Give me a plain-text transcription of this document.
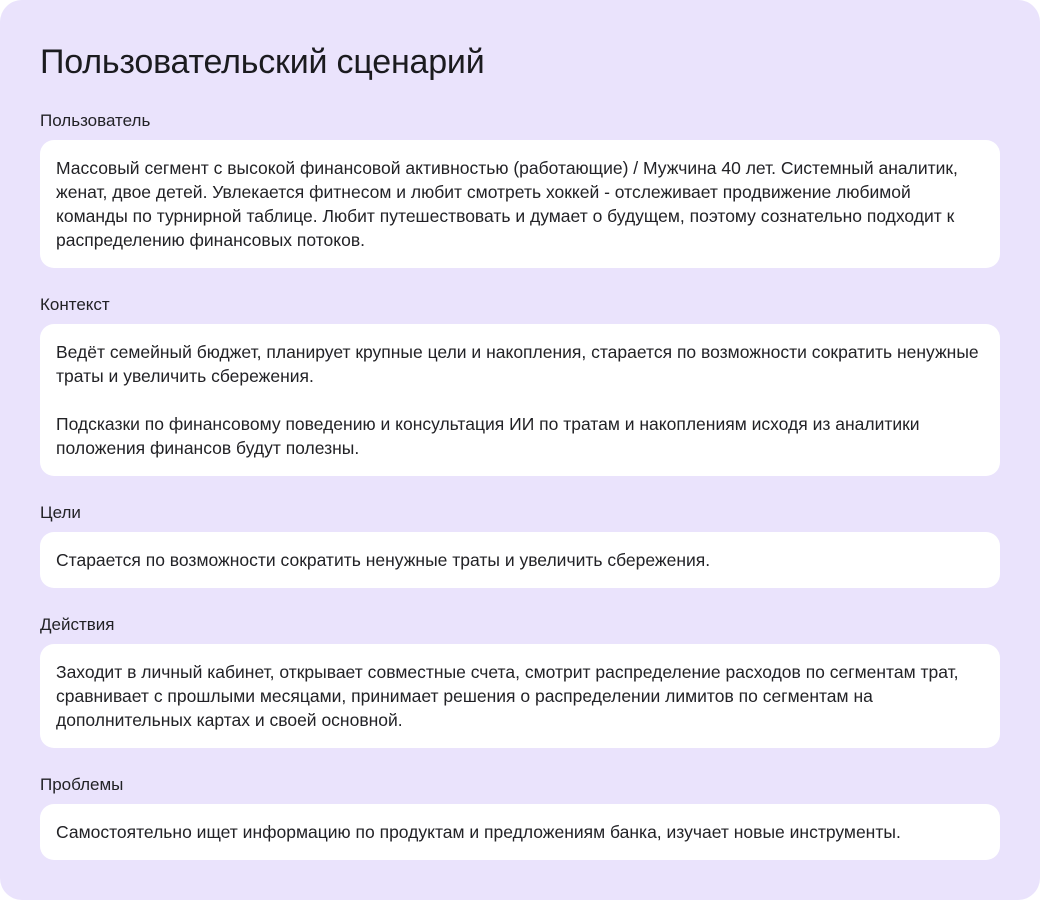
Пользовательский сценарий
Пользователь

Массовый сегмент с высокой финансовой активностью (работающие) / Мужчина 40 лет. Системный аналитик, женат, двое детей. Увлекается фитнесом и любит смотреть хоккей - отслеживает продвижение любимой команды по турнирной таблице. Любит путешествовать и думает о будущем, поэтому сознательно подходит к распределению финансовых потоков.

Контекст

Ведёт семейный бюджет, планирует крупные цели и накопления, старается по возможности сократить ненужные траты и увеличить сбережения.

Подсказки по финансовому поведению и консультация ИИ по тратам и накоплениям исходя из аналитики положения финансов будут полезны.

Цели

Старается по возможности сократить ненужные траты и увеличить сбережения.

Действия

Заходит в личный кабинет, открывает совместные счета, смотрит распределение расходов по сегментам трат, сравнивает с прошлыми месяцами, принимает решения о распределении лимитов по сегментам на дополнительных картах и своей основной.

Проблемы

Самостоятельно ищет информацию по продуктам и предложениям банка, изучает новые инструменты.
